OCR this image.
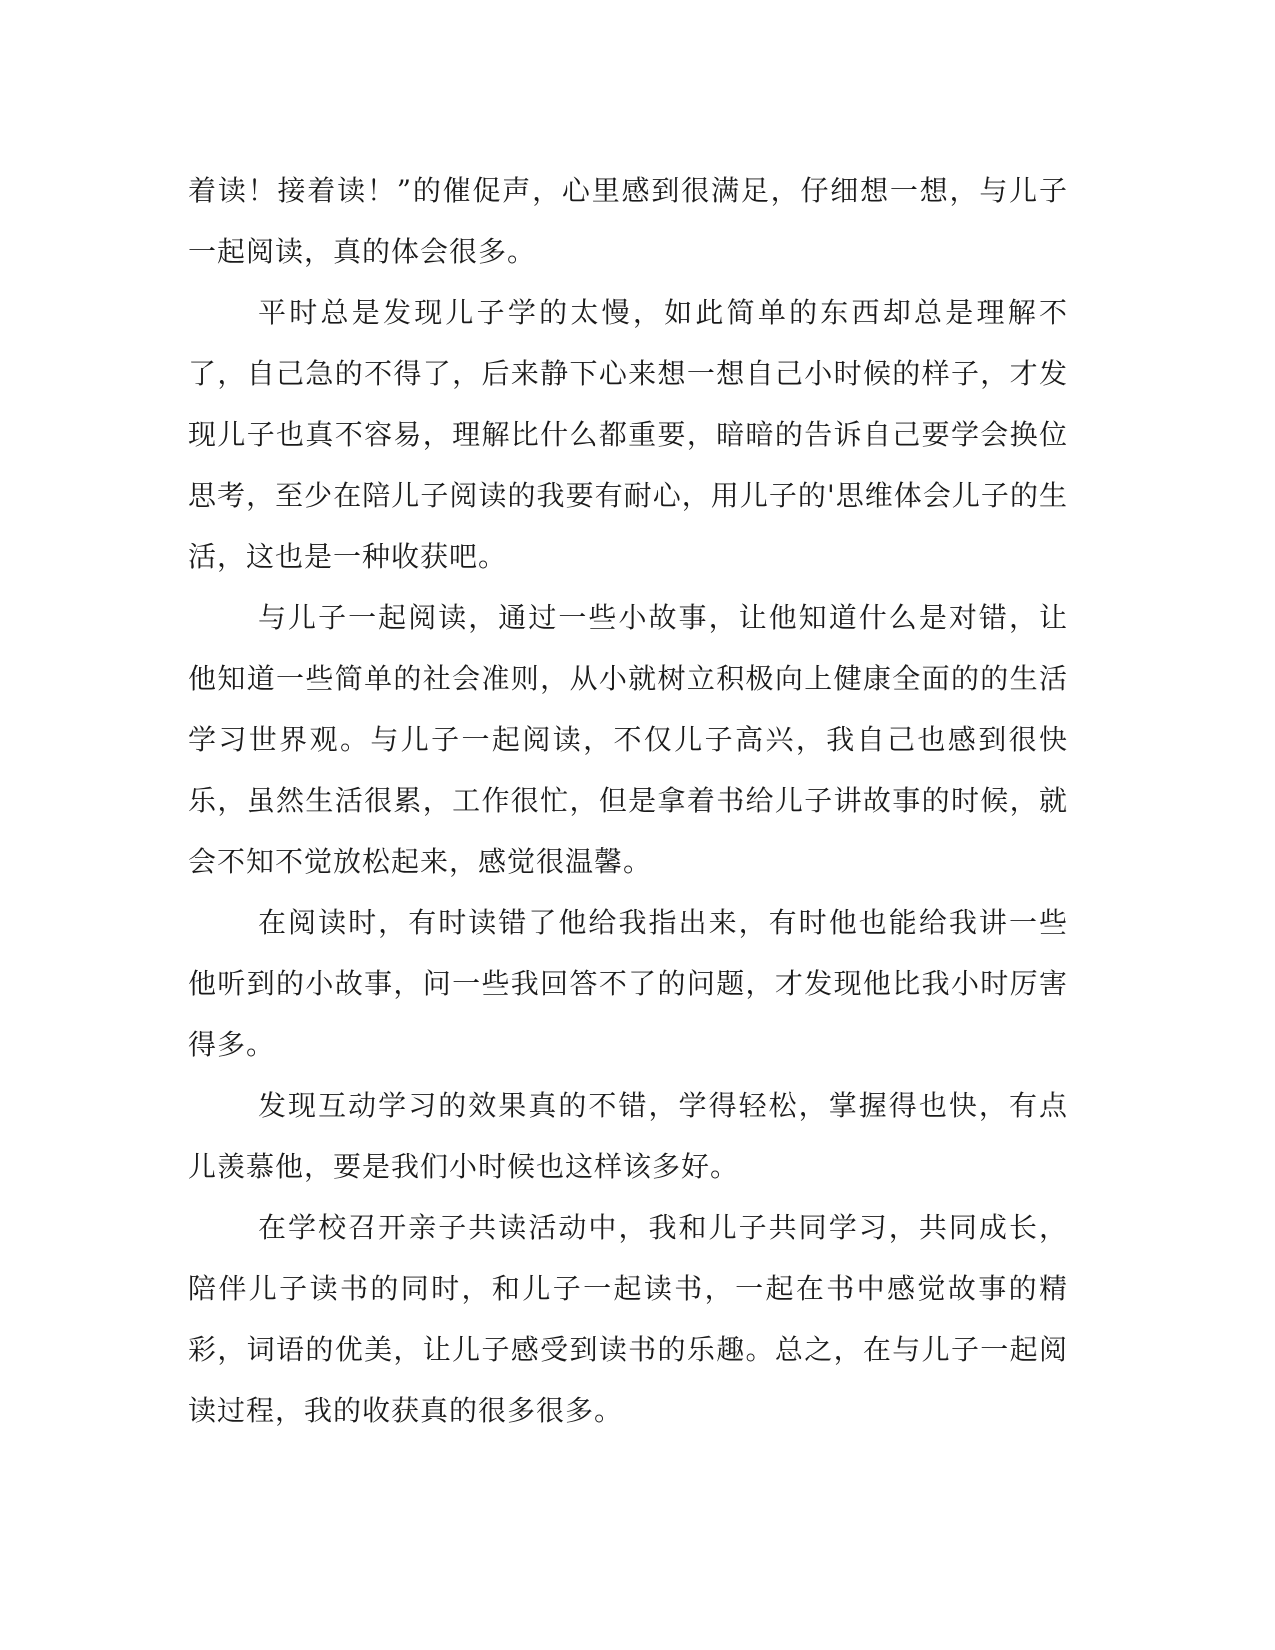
着读！接着读！”的催促声，心里感到很满足，仔细想一想，与儿子一起阅读，真的体会很多。

平时总是发现儿子学的太慢，如此简单的东西却总是理解不了，自己急的不得了，后来静下心来想一想自己小时候的样子，才发现儿子也真不容易，理解比什么都重要，暗暗的告诉自己要学会换位思考，至少在陪儿子阅读的我要有耐心，用儿子的'思维体会儿子的生活，这也是一种收获吧。

与儿子一起阅读，通过一些小故事，让他知道什么是对错，让他知道一些简单的社会准则，从小就树立积极向上健康全面的的生活学习世界观。与儿子一起阅读，不仅儿子高兴，我自己也感到很快乐，虽然生活很累，工作很忙，但是拿着书给儿子讲故事的时候，就会不知不觉放松起来，感觉很温馨。

在阅读时，有时读错了他给我指出来，有时他也能给我讲一些他听到的小故事，问一些我回答不了的问题，才发现他比我小时厉害得多。

发现互动学习的效果真的不错，学得轻松，掌握得也快，有点儿羡慕他，要是我们小时候也这样该多好。

在学校召开亲子共读活动中，我和儿子共同学习，共同成长，陪伴儿子读书的同时，和儿子一起读书，一起在书中感觉故事的精彩，词语的优美，让儿子感受到读书的乐趣。总之，在与儿子一起阅读过程，我的收获真的很多很多。
